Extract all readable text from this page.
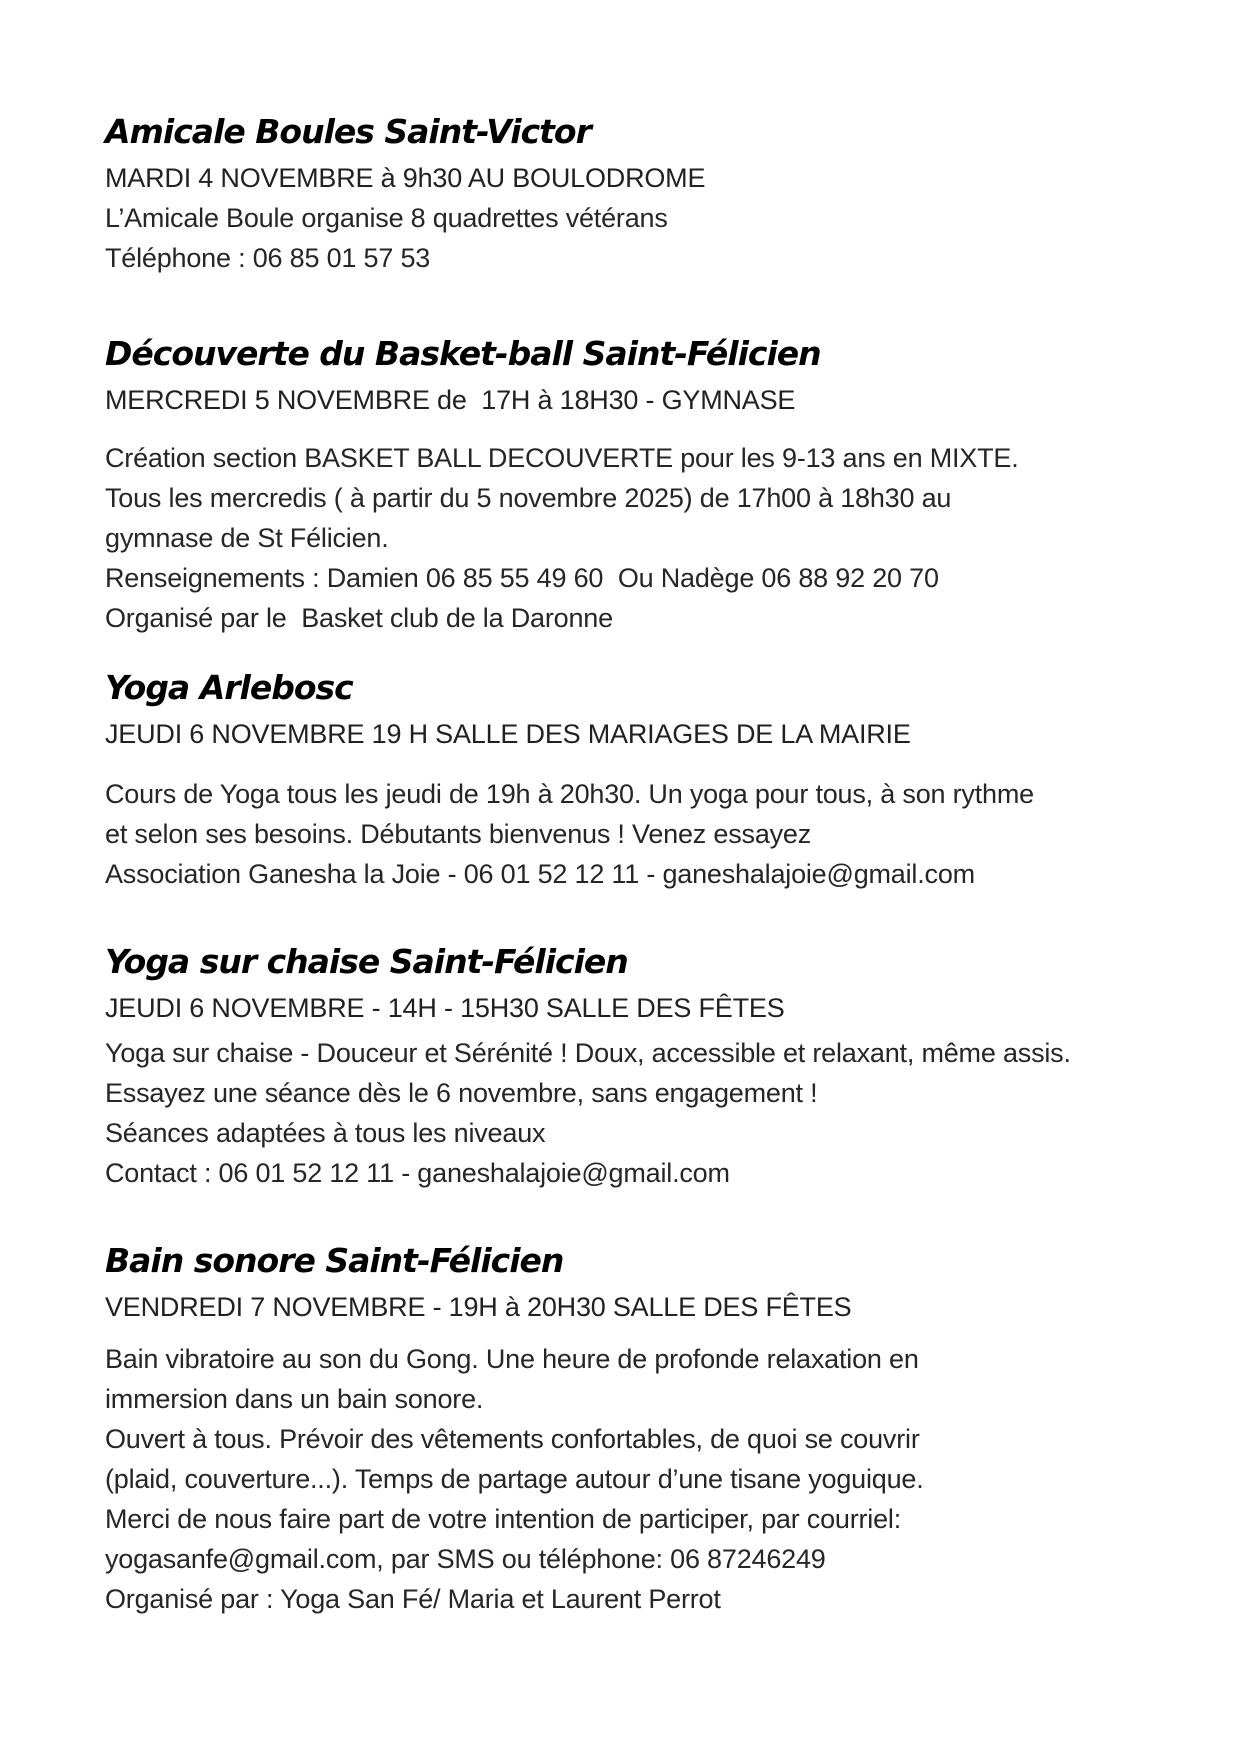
Amicale Boules Saint-Victor

MARDI 4 NOVEMBRE à 9h30 AU BOULODROME

L’Amicale Boule organise 8 quadrettes vétérans

Téléphone : 06 85 01 57 53

Découverte du Basket-ball Saint-Félicien

MERCREDI 5 NOVEMBRE de  17H à 18H30 - GYMNASE

Création section BASKET BALL DECOUVERTE pour les 9-13 ans en MIXTE.

Tous les mercredis ( à partir du 5 novembre 2025) de 17h00 à 18h30 au

gymnase de St Félicien.

Renseignements : Damien 06 85 55 49 60  Ou Nadège 06 88 92 20 70

Organisé par le  Basket club de la Daronne

Yoga Arlebosc

JEUDI 6 NOVEMBRE 19 H SALLE DES MARIAGES DE LA MAIRIE

Cours de Yoga tous les jeudi de 19h à 20h30. Un yoga pour tous, à son rythme

et selon ses besoins. Débutants bienvenus ! Venez essayez

Association Ganesha la Joie - 06 01 52 12 11 - ganeshalajoie@gmail.com

Yoga sur chaise Saint-Félicien

JEUDI 6 NOVEMBRE - 14H - 15H30 SALLE DES FÊTES

Yoga sur chaise - Douceur et Sérénité ! Doux, accessible et relaxant, même assis.

Essayez une séance dès le 6 novembre, sans engagement !

Séances adaptées à tous les niveaux

Contact : 06 01 52 12 11 - ganeshalajoie@gmail.com

Bain sonore Saint-Félicien

VENDREDI 7 NOVEMBRE - 19H à 20H30 SALLE DES FÊTES

Bain vibratoire au son du Gong. Une heure de profonde relaxation en

immersion dans un bain sonore.

Ouvert à tous. Prévoir des vêtements confortables, de quoi se couvrir

(plaid, couverture...). Temps de partage autour d’une tisane yoguique.

Merci de nous faire part de votre intention de participer, par courriel:

yogasanfe@gmail.com, par SMS ou téléphone: 06 87246249

Organisé par : Yoga San Fé/ Maria et Laurent Perrot
